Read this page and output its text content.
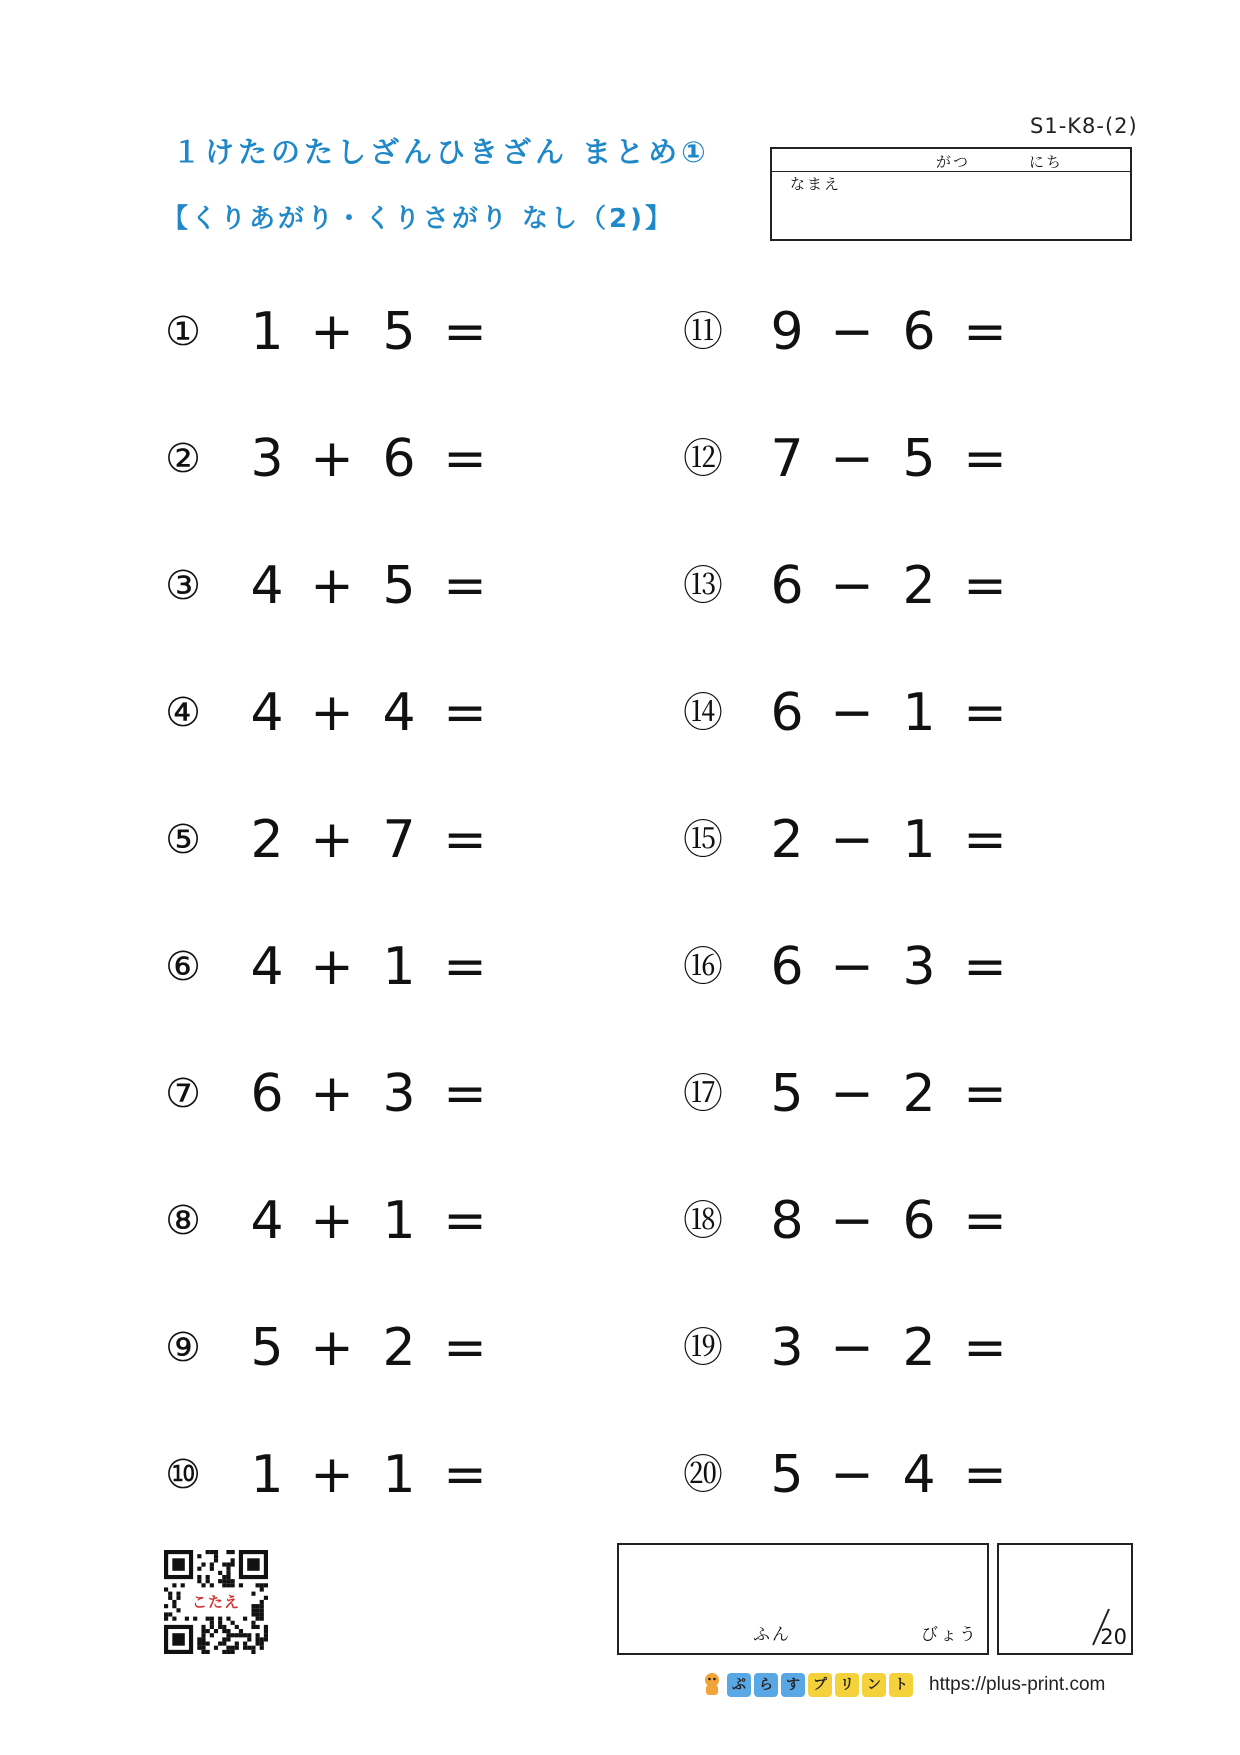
S1-K8-(2)
１けたのたしざんひきざん まとめ①
【くりあがり・くりさがり なし（2)】
がつ	にち
なまえ
① 1 + 5 =
② 3 + 6 =
③ 4 + 5 =
④ 4 + 4 =
⑤ 2 + 7 =
⑥ 4 + 1 =
⑦ 6 + 3 =
⑧ 4 + 1 =
⑨ 5 + 2 =
⑩ 1 + 1 =
⑪ 9 − 6 =
⑫ 7 − 5 =
⑬ 6 − 2 =
⑭ 6 − 1 =
⑮ 2 − 1 =
⑯ 6 − 3 =
⑰ 5 − 2 =
⑱ 8 − 6 =
⑲ 3 − 2 =
⑳ 5 − 4 =
こたえ
ふん	びょう	20
ぷ ら す プ リ ン ト https://plus-print.com
